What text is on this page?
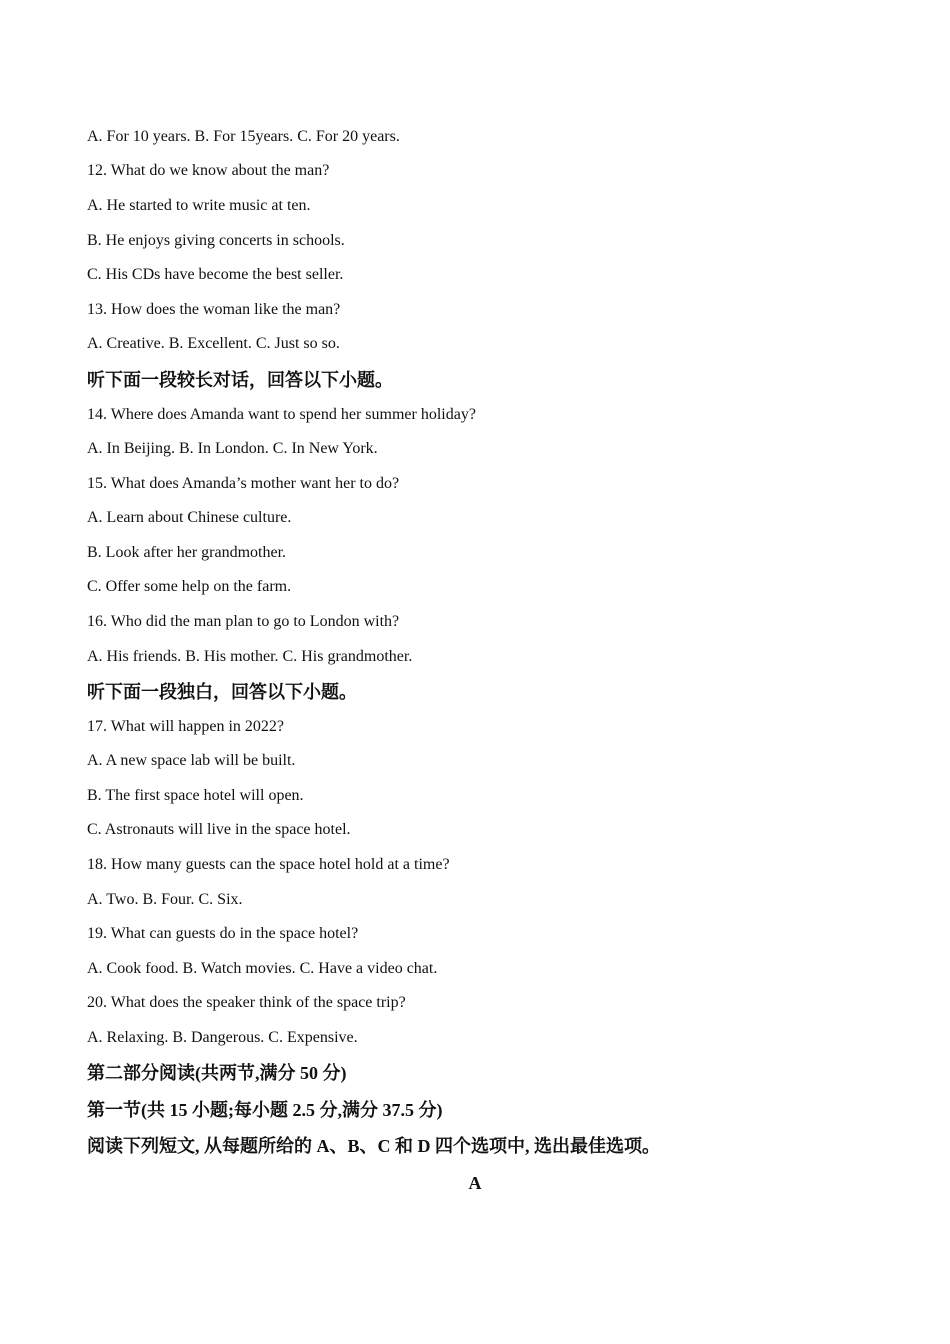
A. For 10 years. B. For 15years. C. For 20 years.
12. What do we know about the man?
A. He started to write music at ten.
B. He enjoys giving concerts in schools.
C. His CDs have become the best seller.
13. How does the woman like the man?
A. Creative. B. Excellent. C. Just so so.
听下面一段较长对话，回答以下小题。
14. Where does Amanda want to spend her summer holiday?
A. In Beijing. B. In London. C. In New York.
15. What does Amanda’s mother want her to do?
A. Learn about Chinese culture.
B. Look after her grandmother.
C. Offer some help on the farm.
16. Who did the man plan to go to London with?
A. His friends. B. His mother. C. His grandmother.
听下面一段独白，回答以下小题。
17. What will happen in 2022?
A. A new space lab will be built.
B. The first space hotel will open.
C. Astronauts will live in the space hotel.
18. How many guests can the space hotel hold at a time?
A. Two. B. Four. C. Six.
19. What can guests do in the space hotel?
A. Cook food. B. Watch movies. C. Have a video chat.
20. What does the speaker think of the space trip?
A. Relaxing. B. Dangerous. C. Expensive.
第二部分阅读(共两节,满分 50 分)
第一节(共 15 小题;每小题 2.5 分,满分 37.5 分)
阅读下列短文, 从每题所给的 A、B、C 和 D 四个选项中, 选出最佳选项。
A
